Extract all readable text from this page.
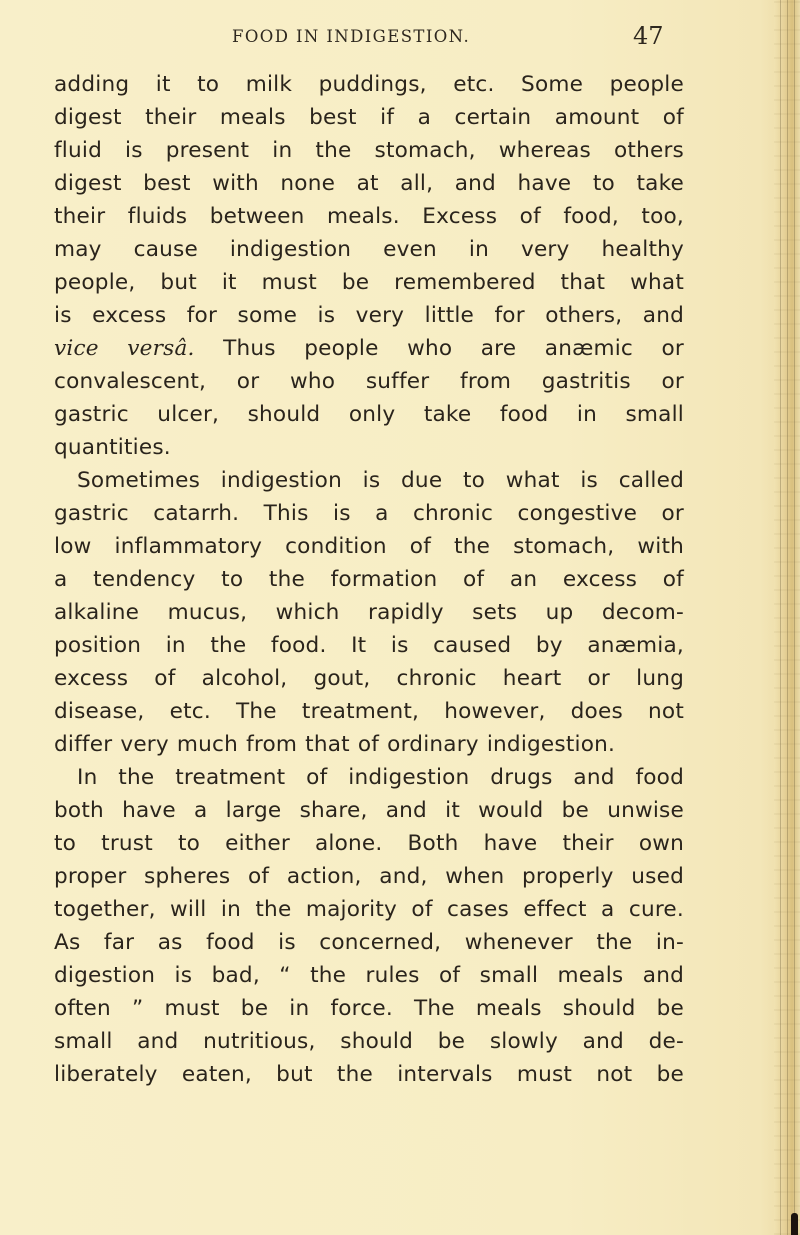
FOOD IN INDIGESTION.	47
adding it to milk puddings, etc. Some people
digest their meals best if a certain amount of
fluid is present in the stomach, whereas others
digest best with none at all, and have to take
their fluids between meals. Excess of food, too,
may cause indigestion even in very healthy
people, but it must be remembered that what
is excess for some is very little for others, and
vice versâ. Thus people who are anæmic or
convalescent, or who suffer from gastritis or
gastric ulcer, should only take food in small
quantities.
Sometimes indigestion is due to what is called
gastric catarrh. This is a chronic congestive or
low inflammatory condition of the stomach, with
a tendency to the formation of an excess of
alkaline mucus, which rapidly sets up decom-
position in the food. It is caused by anæmia,
excess of alcohol, gout, chronic heart or lung
disease, etc. The treatment, however, does not
differ very much from that of ordinary indigestion.
In the treatment of indigestion drugs and food
both have a large share, and it would be unwise
to trust to either alone. Both have their own
proper spheres of action, and, when properly used
together, will in the majority of cases effect a cure.
As far as food is concerned, whenever the in-
digestion is bad, “ the rules of small meals and
often ” must be in force. The meals should be
small and nutritious, should be slowly and de-
liberately eaten, but the intervals must not be
